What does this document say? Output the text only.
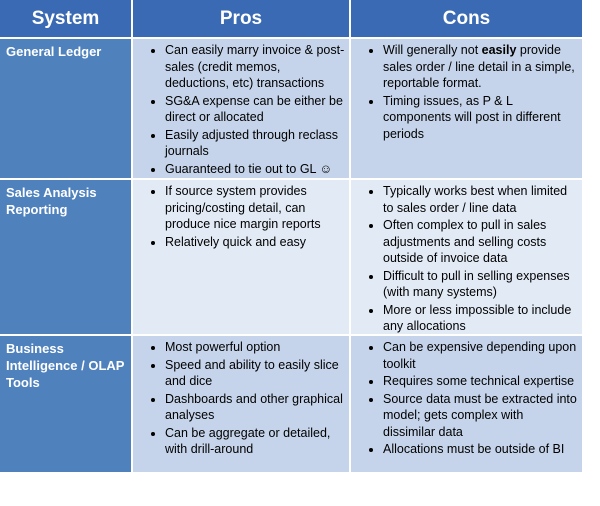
System	Pros	Cons
General Ledger
•	Can easily marry invoice & post-sales (credit memos, deductions, etc) transactions
• SG&A expense can be either be direct or allocated
• Easily adjusted through reclass journals
• Guaranteed to tie out to GL ☺
• Will generally not easily provide sales order / line detail in a simple, reportable format.
• Timing issues, as P & L components will post in different periods
Sales Analysis Reporting
• If source system provides pricing/costing detail, can produce nice margin reports
• Relatively quick and easy
• Typically works best when limited to sales order / line data
• Often complex to pull in sales adjustments and selling costs outside of invoice data
• Difficult to pull in selling expenses (with many systems)
• More or less impossible to include any allocations
Business Intelligence / OLAP Tools
• Most powerful option
• Speed and ability to easily slice and dice
• Dashboards and other graphical analyses
• Can be aggregate or detailed, with drill-around
• Can be expensive depending upon toolkit
• Requires some technical expertise
• Source data must be extracted into model; gets complex with dissimilar data
• Allocations must be outside of BI
